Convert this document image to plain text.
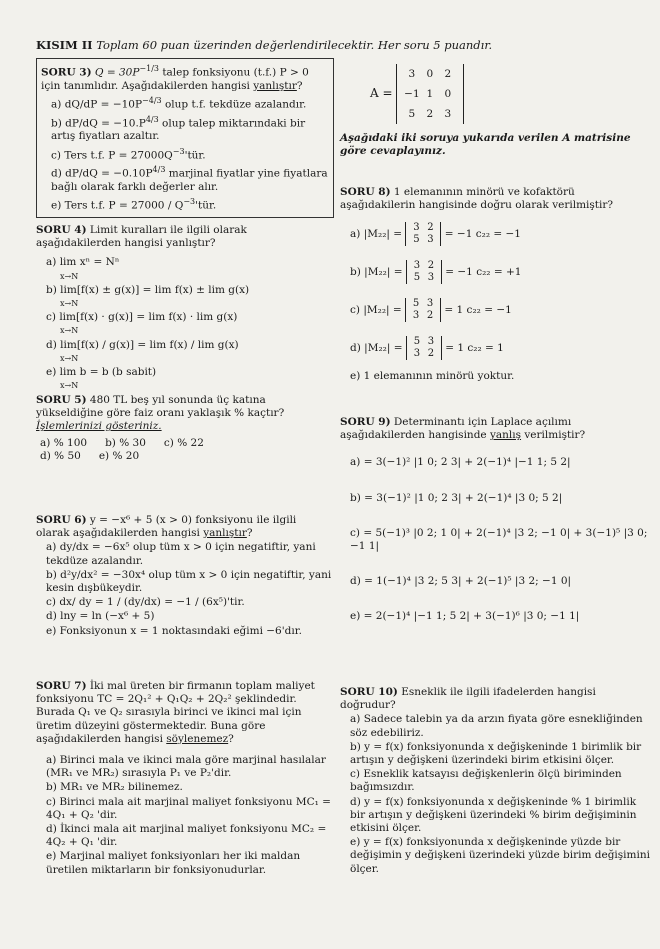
KISIM II Toplam 60 puan üzerinden değerlendirilecektir. Her soru 5 puandır.
SORU 3) $Q = 30P^{-1/3}$ talep fonksiyonu (t.f.) P > 0 için tanımlıdır. Aşağıdakilerden hangisi yanlıştır?
a) $dQ/dP = -10P^{-4/3}$ olup t.f. tekdüze azalandır.
b) $dP/dQ = -10.P^{4/3}$ olup talep miktarındaki bir artış fiyatları azaltır.
c) Ters t.f. $P = 27000Q^{-3}'tür$.
d) $dP/dQ = -0.10P^{4/3}$ marjinal fiyatlar yine fiyatlara bağlı olarak farklı değerler alır.
e) Ters t.f. $P = 27000 / Q^{-3}'tür$.
A =
3 0 2
−1 1 0
5 2 3
Aşağıdaki iki soruya yukarıda verilen A matrisine göre cevaplayınız.
SORU 4) Limit kuralları ile ilgili olarak aşağıdakilerden hangisi yanlıştır?
a) lim xⁿ = Nⁿ
x→N
b) lim[f(x) ± g(x)] = lim f(x) ± lim g(x)
x→N
c) lim[f(x) · g(x)] = lim f(x) · lim g(x)
x→N
d) lim[f(x) / g(x)] = lim f(x) / lim g(x)
x→N
e) lim b = b (b sabit)
x→N
SORU 5) 480 TL beş yıl sonunda üç katına yükseldiğine göre faiz oranı yaklaşık % kaçtır?
İşlemlerinizi gösteriniz.
a) % 100 b) % 30 c) % 22
d) % 50 e) % 20
SORU 6) y = −x⁶ + 5 (x > 0) fonksiyonu ile ilgili olarak aşağıdakilerden hangisi yanlıştır?
a) dy/dx = −6x⁵ olup tüm x > 0 için negatiftir, yani tekdüze azalandır.
b) d²y/dx² = −30x⁴ olup tüm x > 0 için negatiftir, yani kesin dışbükeydir.
c) dx/ dy = 1 / (dy/dx) = −1 / (6x⁵)'tir.
d) lny = ln (−x⁶ + 5)
e) Fonksiyonun x = 1 noktasındaki eğimi −6'dır.
SORU 7) İki mal üreten bir firmanın toplam maliyet fonksiyonu TC = 2Q₁² + Q₁Q₂ + 2Q₂² şeklindedir. Burada Q₁ ve Q₂ sırasıyla birinci ve ikinci mal için üretim düzeyini göstermektedir. Buna göre aşağıdakilerden hangisi söylenemez?
a) Birinci mala ve ikinci mala göre marjinal hasılalar (MR₁ ve MR₂) sırasıyla P₁ ve P₂'dir.
b) MR₁ ve MR₂ bilinemez.
c) Birinci mala ait marjinal maliyet fonksiyonu MC₁ = 4Q₁ + Q₂ 'dir.
d) İkinci mala ait marjinal maliyet fonksiyonu MC₂ = 4Q₂ + Q₁ 'dir.
e) Marjinal maliyet fonksiyonları her iki maldan üretilen miktarların bir fonksiyonudurlar.
SORU 8) 1 elemanının minörü ve kofaktörü aşağıdakilerin hangisinde doğru olarak verilmiştir?
a) |M₂₂| =
3 2
5 3	= −1 c₂₂ = −1
b) |M₂₂| =
3 2
5 3	= −1 c₂₂ = +1
c) |M₂₂| =
5 3
3 2	= 1 c₂₂ = −1
d) |M₂₂| =
5 3
3 2	= 1 c₂₂ = 1
e) 1 elemanının minörü yoktur.
SORU 9) Determinantı için Laplace açılımı aşağıdakilerden hangisinde yanlış verilmiştir?
a) = 3(−1)² |1 0; 2 3| + 2(−1)⁴ |−1 1; 5 2|
b) = 3(−1)² |1 0; 2 3| + 2(−1)⁴ |3 0; 5 2|
c) = 5(−1)³ |0 2; 1 0| + 2(−1)⁴ |3 2; −1 0| + 3(−1)⁵ |3 0; −1 1|
d) = 1(−1)⁴ |3 2; 5 3| + 2(−1)⁵ |3 2; −1 0|
e) = 2(−1)⁴ |−1 1; 5 2| + 3(−1)⁶ |3 0; −1 1|
SORU 10) Esneklik ile ilgili ifadelerden hangisi doğrudur?
a) Sadece talebin ya da arzın fiyata göre esnekliğinden söz edebiliriz.
b) y = f(x) fonksiyonunda x değişkeninde 1 birimlik bir artışın y değişkeni üzerindeki birim etkisini ölçer.
c) Esneklik katsayısı değişkenlerin ölçü biriminden bağımsızdır.
d) y = f(x) fonksiyonunda x değişkeninde % 1 birimlik bir artışın y değişkeni üzerindeki % birim değişiminin etkisini ölçer.
e) y = f(x) fonksiyonunda x değişkeninde yüzde bir değişimin y değişkeni üzerindeki yüzde birim değişimini ölçer.
